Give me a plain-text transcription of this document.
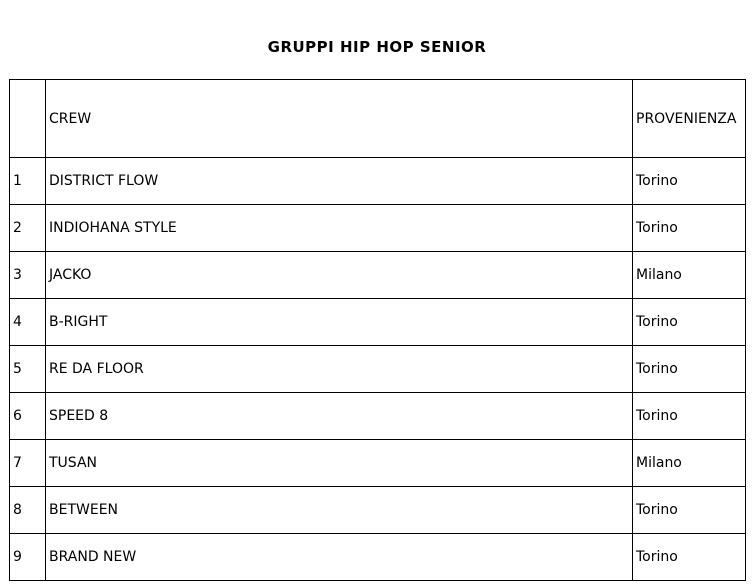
GRUPPI HIP HOP SENIOR
	CREW	PROVENIENZA
1	DISTRICT FLOW	Torino
2	INDIOHANA STYLE	Torino
3	JACKO	Milano
4	B-RIGHT	Torino
5	RE DA FLOOR	Torino
6	SPEED 8	Torino
7	TUSAN	Milano
8	BETWEEN	Torino
9	BRAND NEW	Torino
